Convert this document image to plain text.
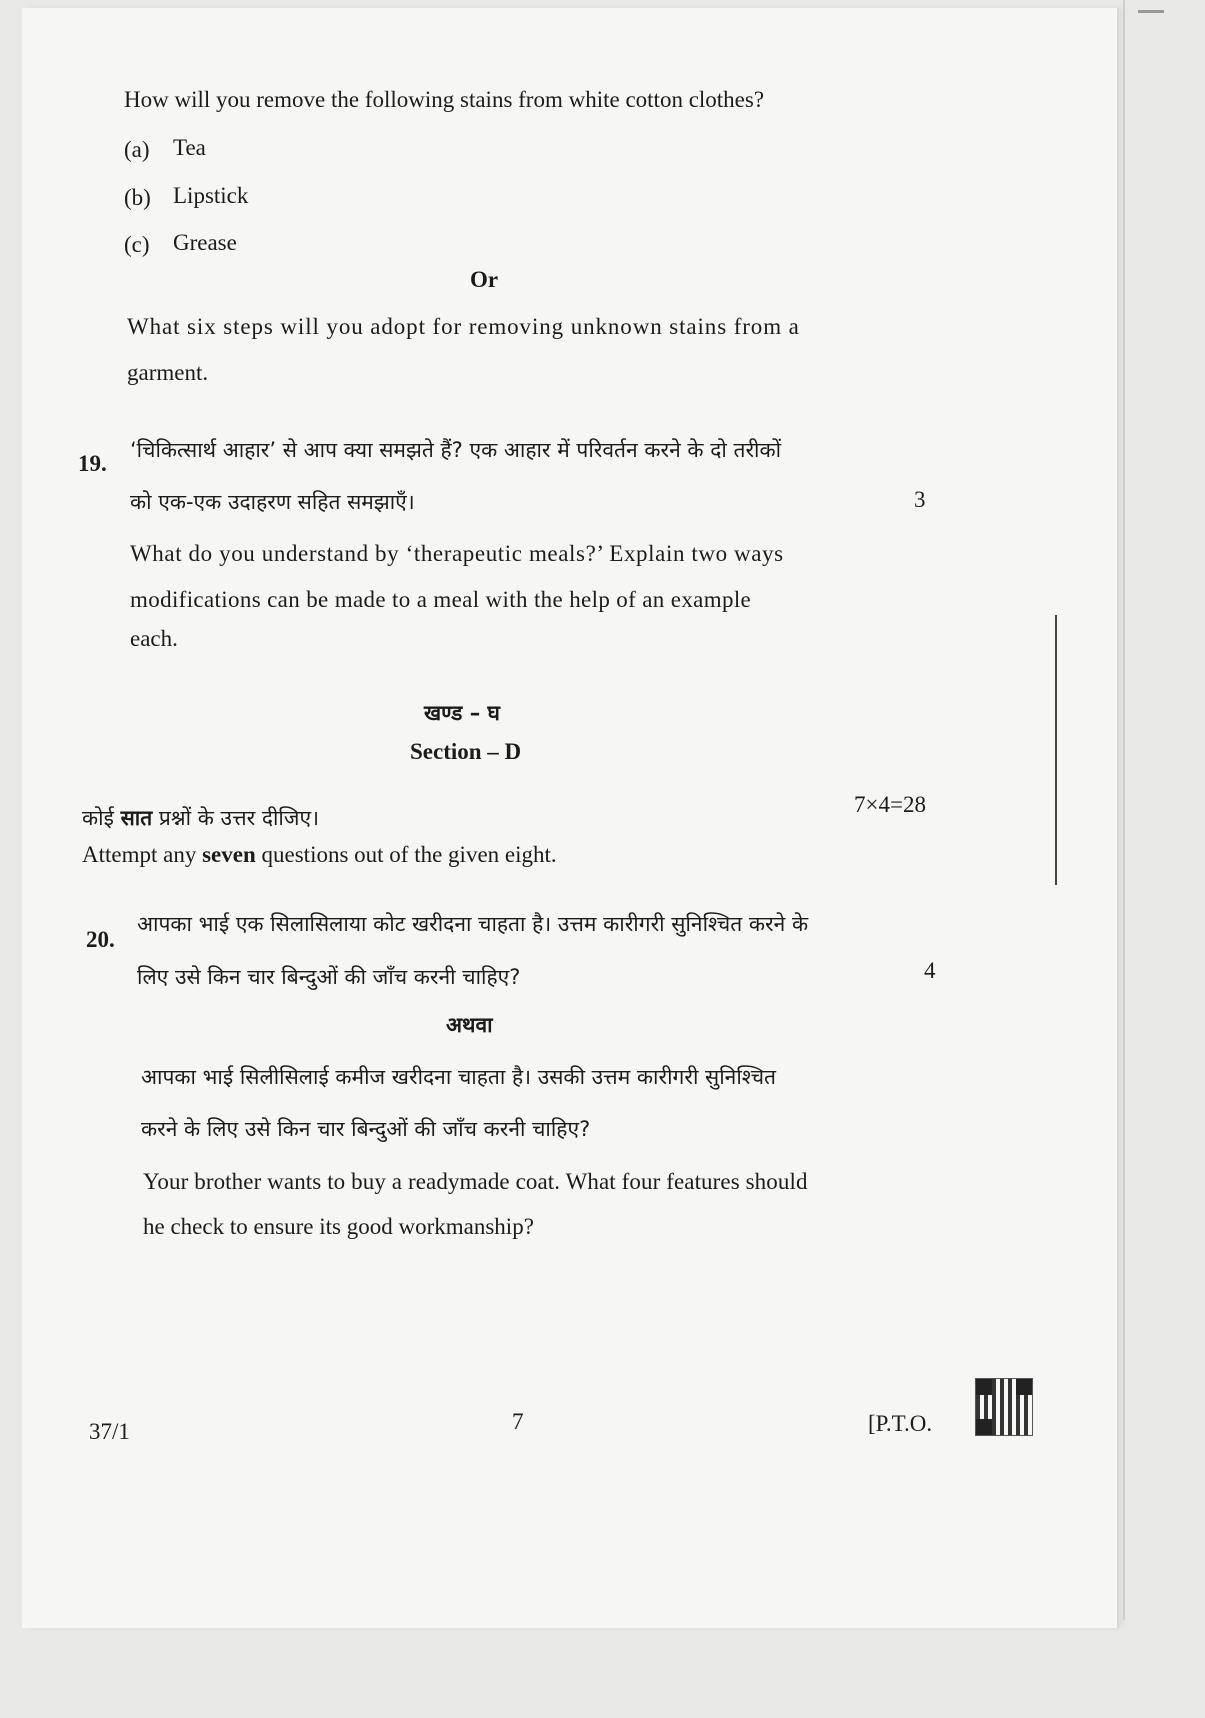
How will you remove the following stains from white cotton clothes?
(a) Tea
(b) Lipstick
(c) Grease
Or
What six steps will you adopt for removing unknown stains from a
garment.
19.
‘चिकित्सार्थ आहार’ से आप क्या समझते हैं? एक आहार में परिवर्तन करने के दो तरीकों
को एक-एक उदाहरण सहित समझाएँ।	3
What do you understand by ‘therapeutic meals?’ Explain two ways
modifications can be made to a meal with the help of an example
each.
खण्ड – घ
Section – D
कोई सात प्रश्नों के उत्तर दीजिए।
7×4=28
Attempt any seven questions out of the given eight.
20.
आपका भाई एक सिलासिलाया कोट खरीदना चाहता है। उत्तम कारीगरी सुनिश्चित करने के
लिए उसे किन चार बिन्दुओं की जाँच करनी चाहिए?	4
अथवा
आपका भाई सिलीसिलाई कमीज खरीदना चाहता है। उसकी उत्तम कारीगरी सुनिश्चित
करने के लिए उसे किन चार बिन्दुओं की जाँच करनी चाहिए?
Your brother wants to buy a readymade coat. What four features should
he check to ensure its good workmanship?
37/1	7	[P.T.O.
